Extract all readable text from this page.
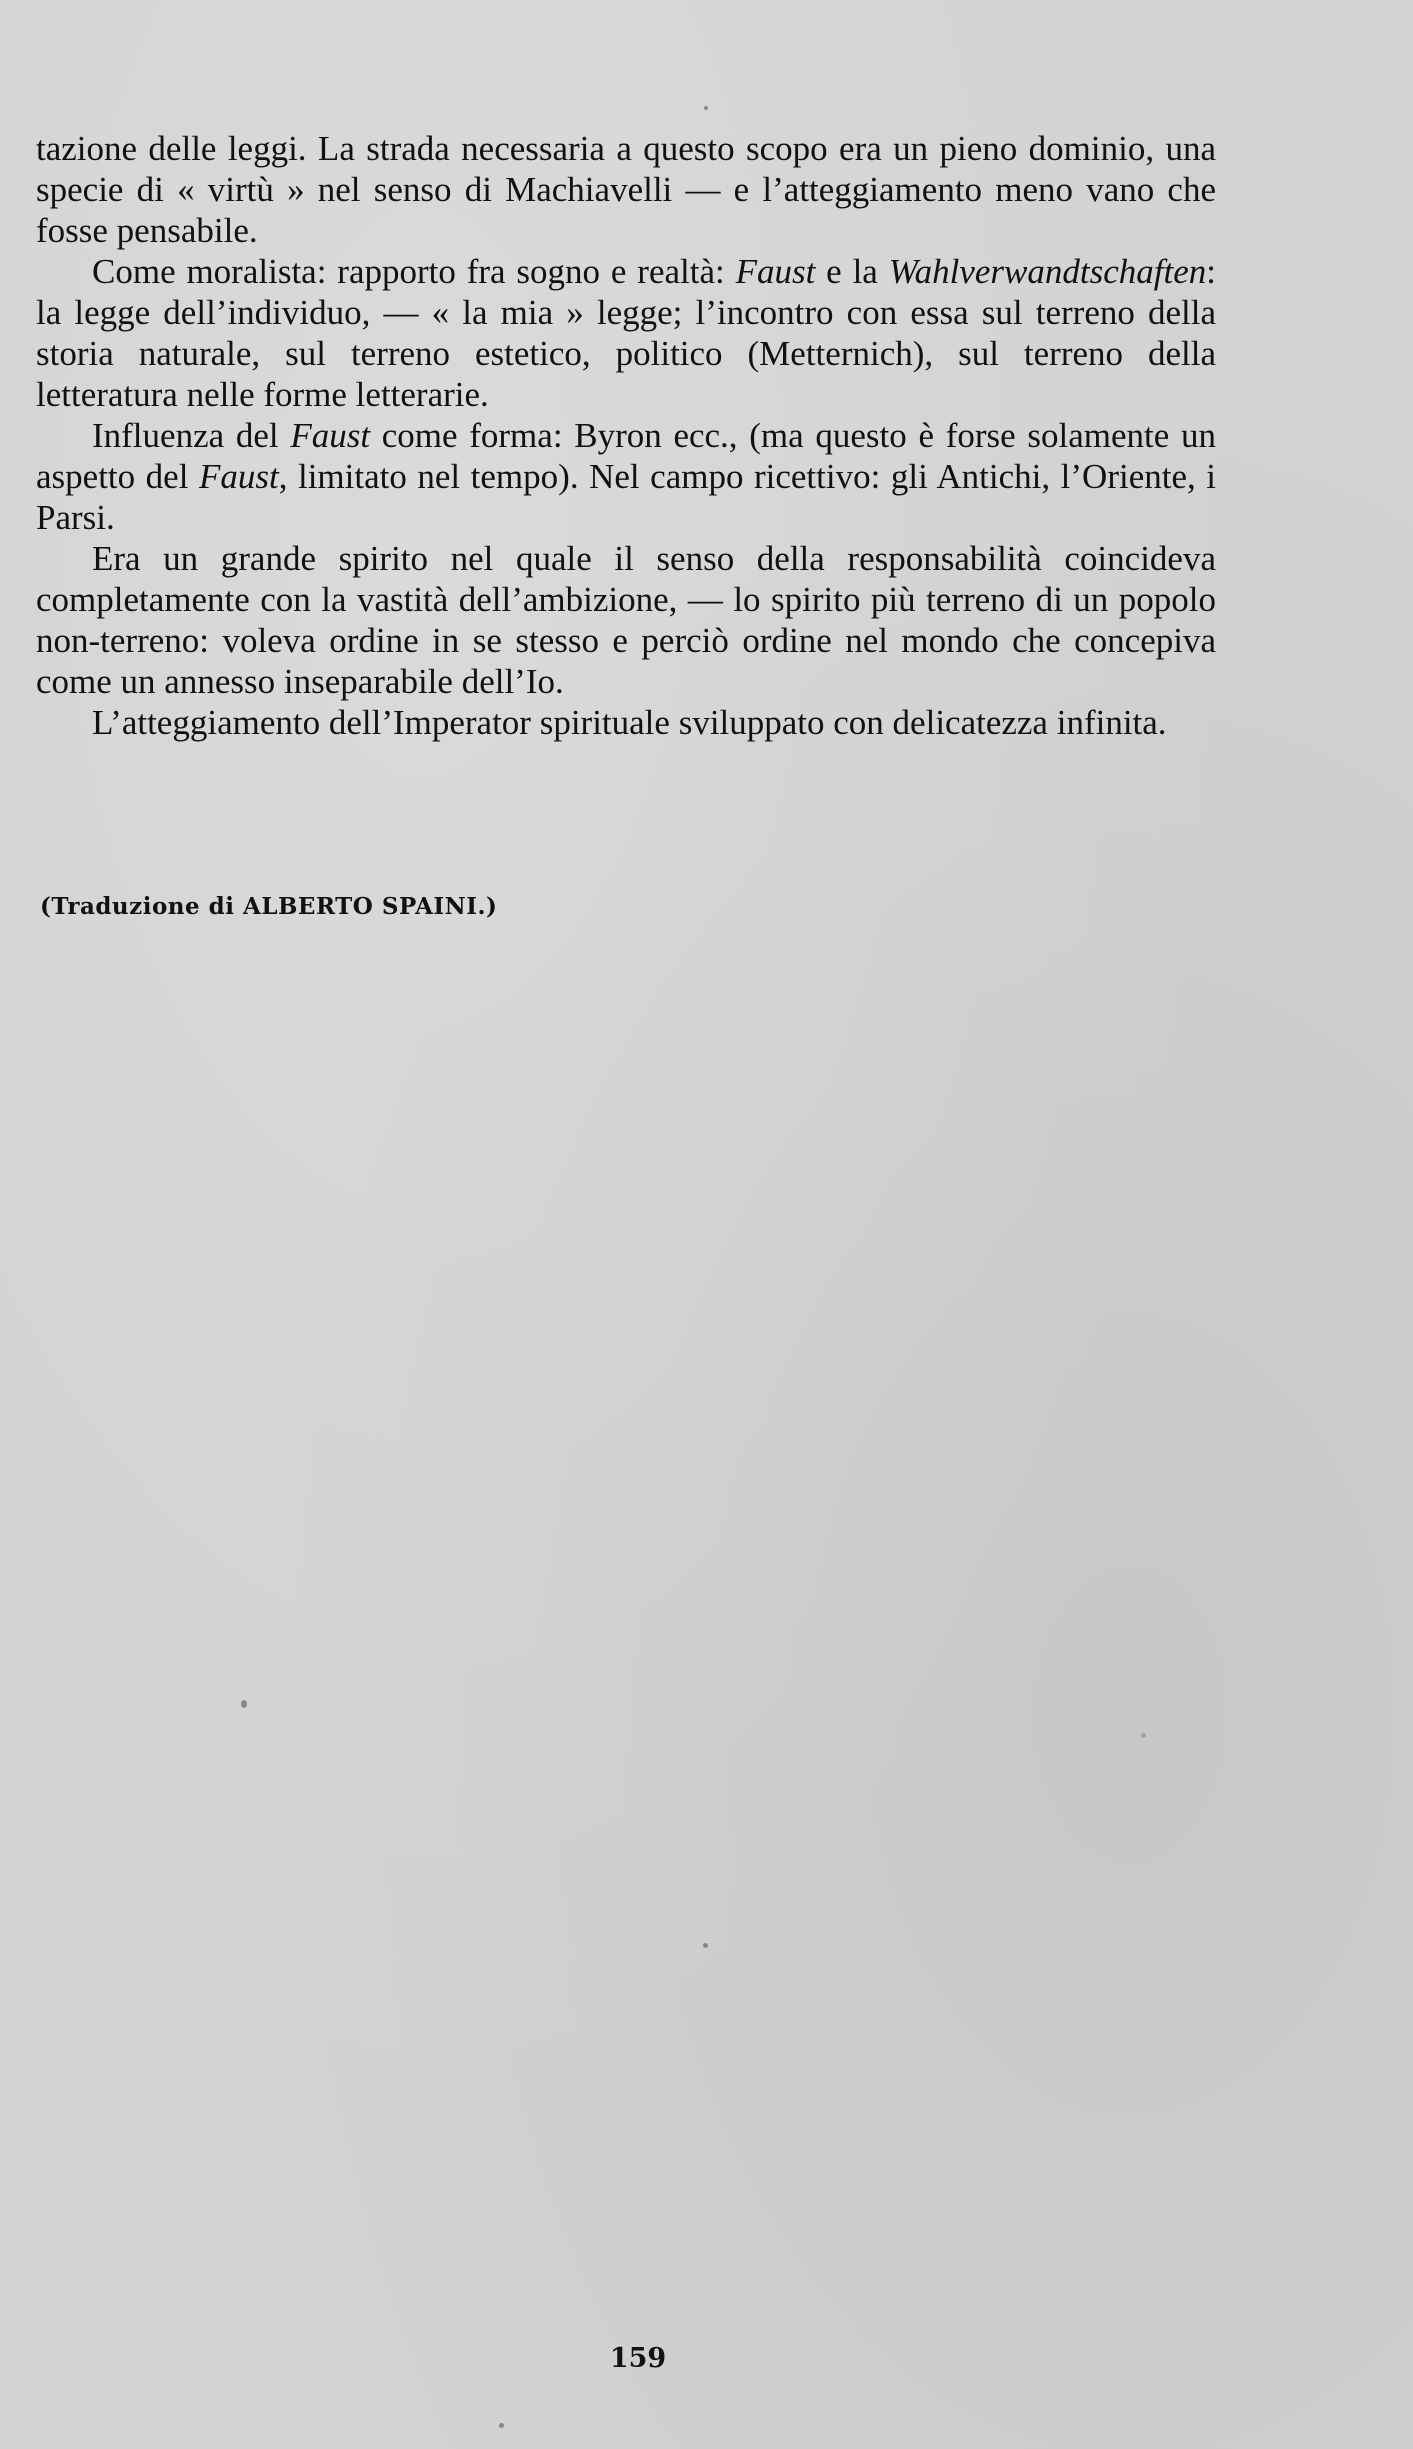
tazione delle leggi. La strada necessaria a questo scopo era un pieno dominio, una specie di « virtù » nel senso di Machiavelli — e l’atteggiamento meno vano che fosse pensabile.

Come moralista: rapporto fra sogno e realtà: Faust e la Wahlverwandtschaften: la legge dell’individuo, — « la mia » legge; l’incontro con essa sul terreno della storia naturale, sul terreno estetico, politico (Metternich), sul terreno della letteratura nelle forme letterarie.

Influenza del Faust come forma: Byron ecc., (ma questo è forse solamente un aspetto del Faust, limitato nel tempo). Nel campo ricettivo: gli Antichi, l’Oriente, i Parsi.

Era un grande spirito nel quale il senso della responsabilità coincideva completamente con la vastità dell’ambizione, — lo spirito più terreno di un popolo non-terreno: voleva ordine in se stesso e perciò ordine nel mondo che concepiva come un annesso inseparabile dell’Io.

L’atteggiamento dell’Imperator spirituale sviluppato con delicatezza infinita.

(Traduzione di ALBERTO SPAINI.)
159
